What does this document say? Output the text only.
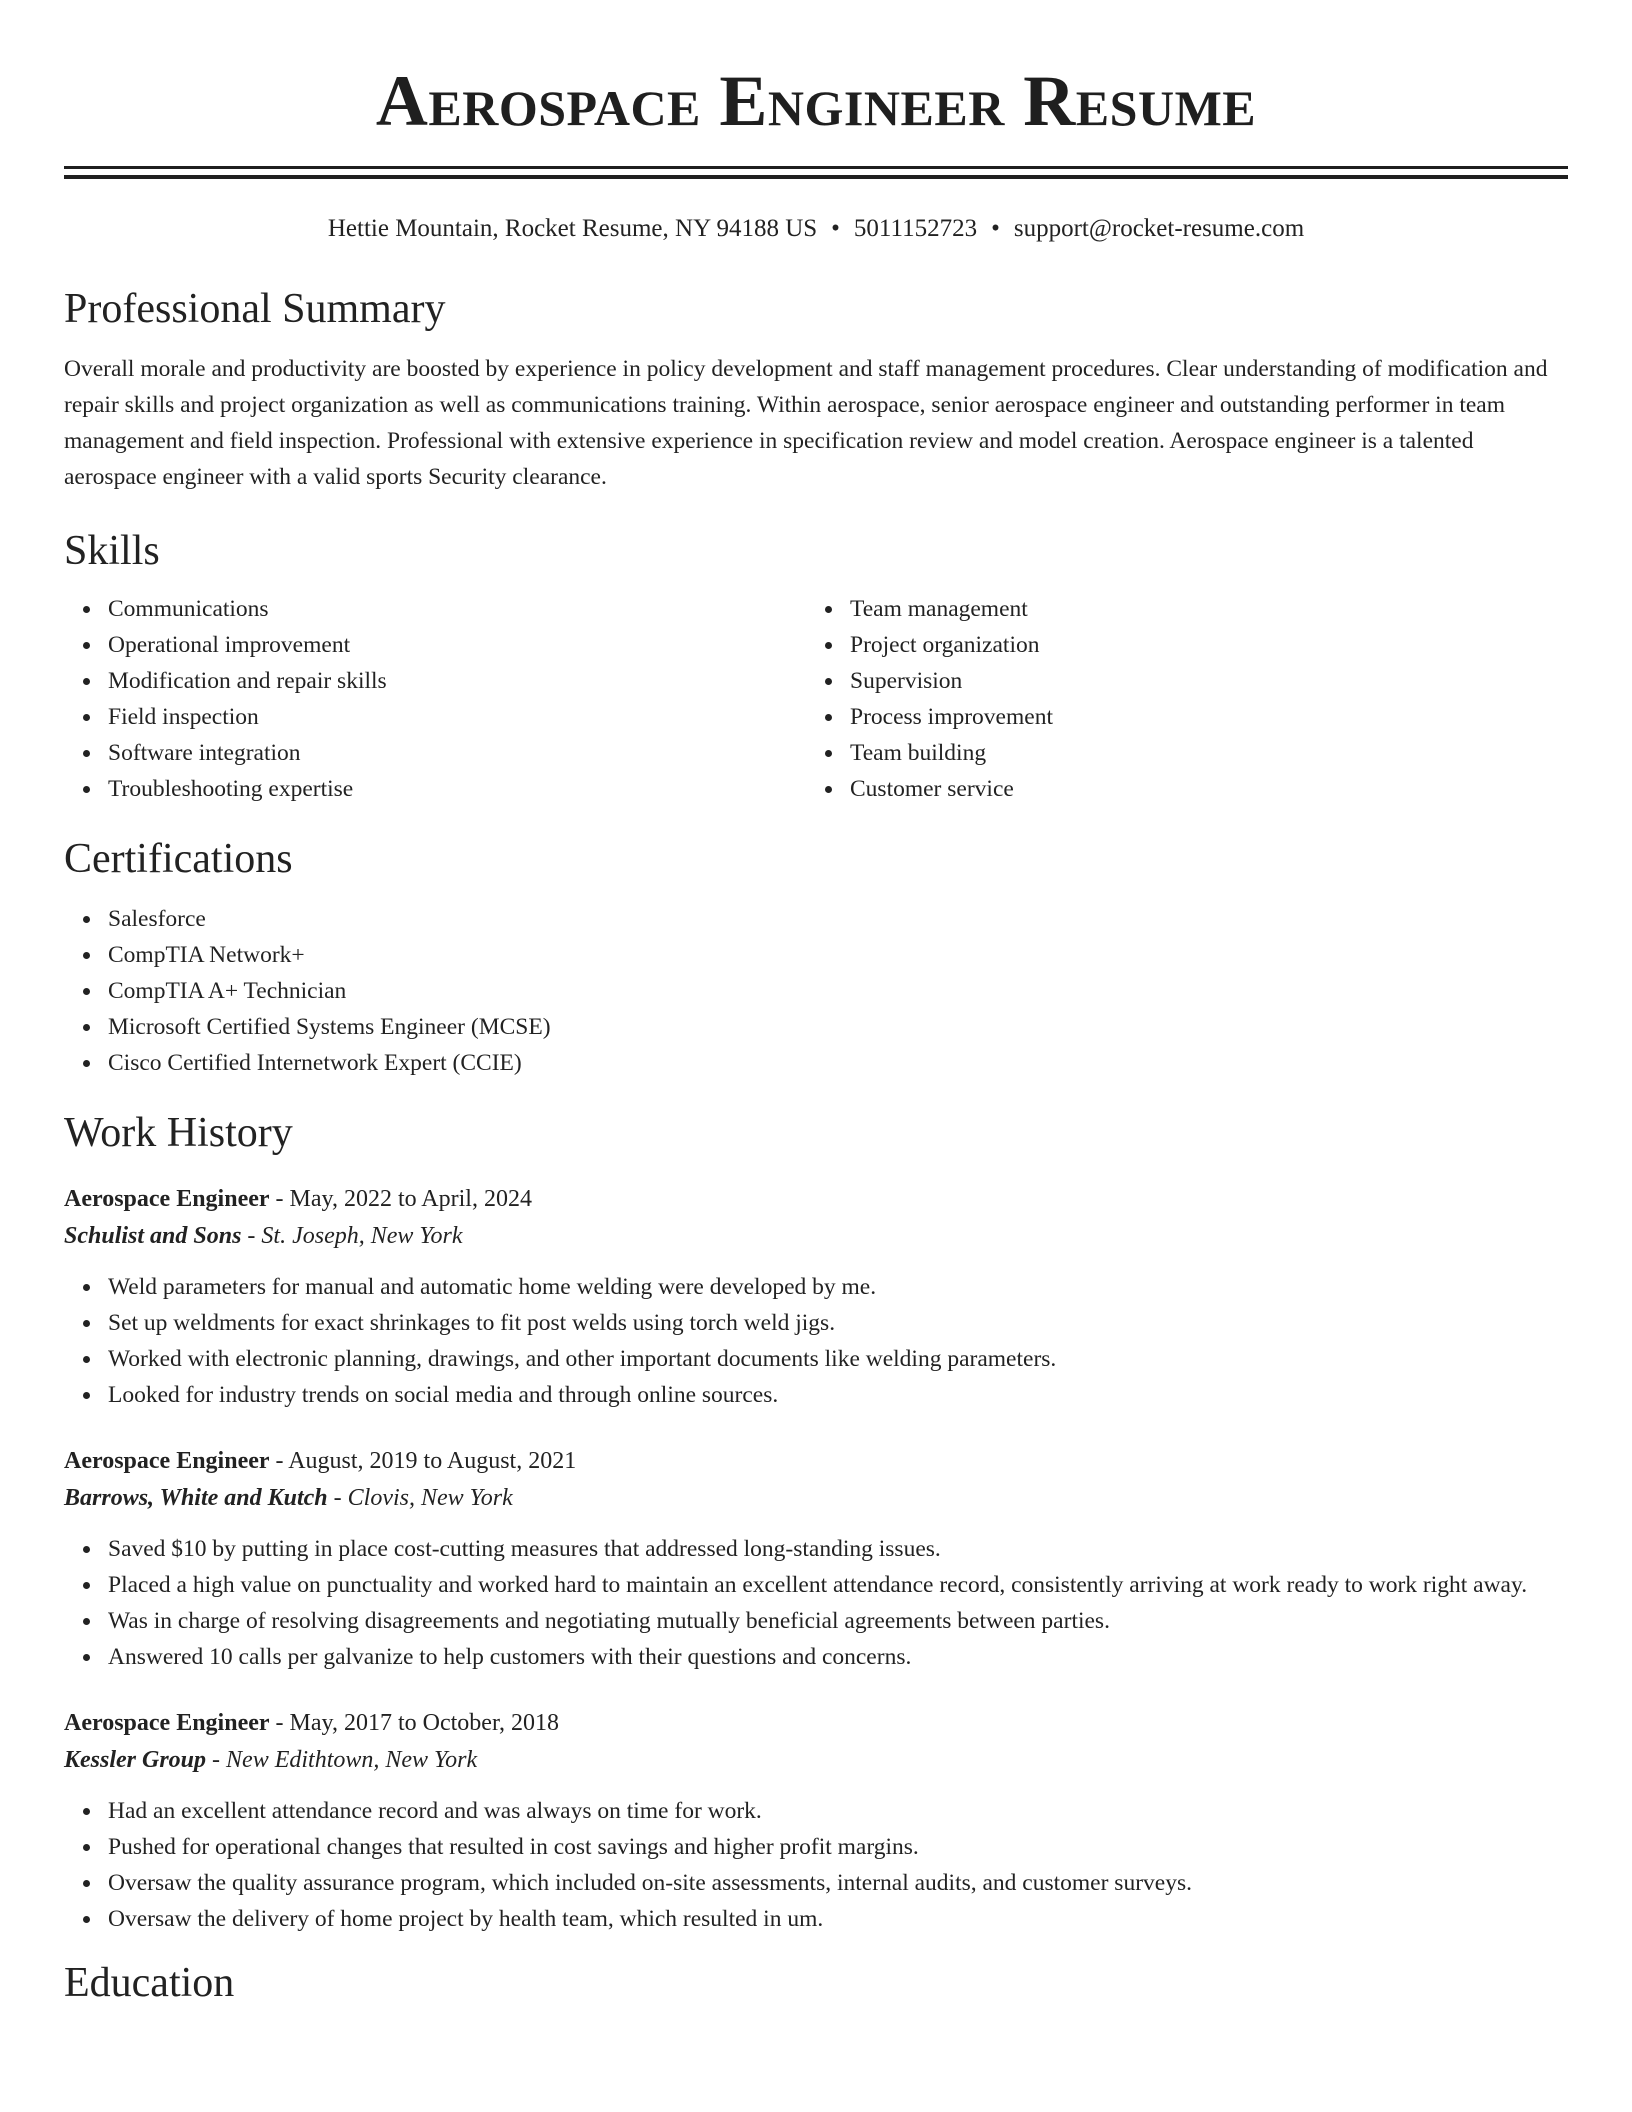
Aerospace Engineer Resume
Hettie Mountain, Rocket Resume, NY 94188 US • 5011152723 • support@rocket-resume.com
Professional Summary

Overall morale and productivity are boosted by experience in policy development and staff management procedures. Clear understanding of modification and repair skills and project organization as well as communications training. Within aerospace, senior aerospace engineer and outstanding performer in team management and field inspection. Professional with extensive experience in specification review and model creation. Aerospace engineer is a talented aerospace engineer with a valid sports Security clearance.

Skills
Communications
Operational improvement
Modification and repair skills
Field inspection
Software integration
Troubleshooting expertise
Team management
Project organization
Supervision
Process improvement
Team building
Customer service
Certifications
Salesforce
CompTIA Network+
CompTIA A+ Technician
Microsoft Certified Systems Engineer (MCSE)
Cisco Certified Internetwork Expert (CCIE)
Work History
Aerospace Engineer - May, 2022 to April, 2024
Schulist and Sons - St. Joseph, New York
Weld parameters for manual and automatic home welding were developed by me.
Set up weldments for exact shrinkages to fit post welds using torch weld jigs.
Worked with electronic planning, drawings, and other important documents like welding parameters.
Looked for industry trends on social media and through online sources.
Aerospace Engineer - August, 2019 to August, 2021
Barrows, White and Kutch - Clovis, New York
Saved $10 by putting in place cost-cutting measures that addressed long-standing issues.
Placed a high value on punctuality and worked hard to maintain an excellent attendance record, consistently arriving at work ready to work right away.
Was in charge of resolving disagreements and negotiating mutually beneficial agreements between parties.
Answered 10 calls per galvanize to help customers with their questions and concerns.
Aerospace Engineer - May, 2017 to October, 2018
Kessler Group - New Edithtown, New York
Had an excellent attendance record and was always on time for work.
Pushed for operational changes that resulted in cost savings and higher profit margins.
Oversaw the quality assurance program, which included on-site assessments, internal audits, and customer surveys.
Oversaw the delivery of home project by health team, which resulted in um.
Education
